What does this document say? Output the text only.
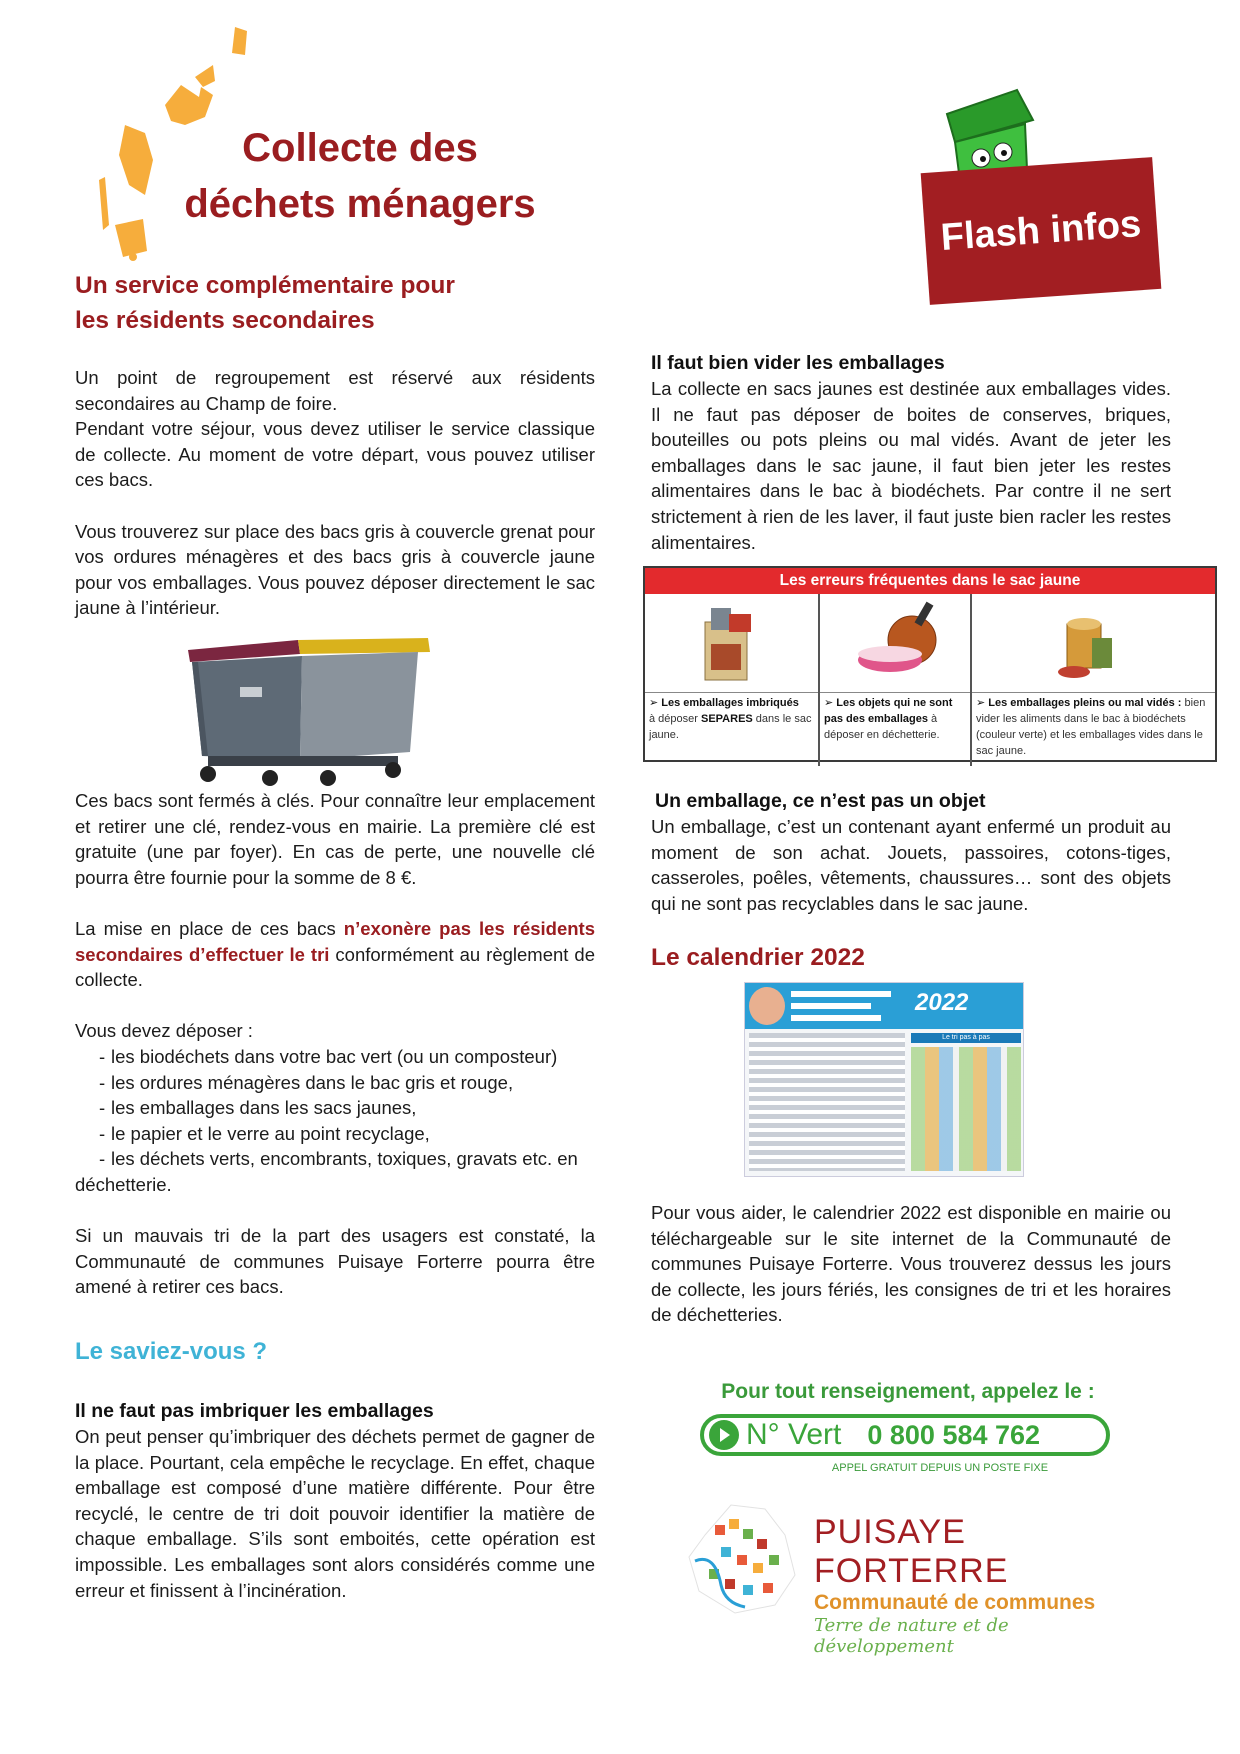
Collecte des
déchets ménagers	Flash infos
Un service complémentaire pour
les résidents secondaires
Un point de regroupement est réservé aux résidents secondaires au Champ de foire.
Pendant votre séjour, vous devez utiliser le service classique de collecte. Au moment de votre départ, vous pouvez utiliser ces bacs.
Vous trouverez sur place des bacs gris à couvercle grenat pour vos ordures ménagères et des bacs gris à couvercle jaune pour vos emballages. Vous pouvez déposer directement le sac jaune à l’intérieur.
Ces bacs sont fermés à clés. Pour connaître leur emplacement et retirer une clé, rendez-vous en mairie. La première clé est gratuite (une par foyer). En cas de perte, une nouvelle clé pourra être fournie pour la somme de 8 €.
La mise en place de ces bacs n’exonère pas les résidents secondaires d’effectuer le tri conformément au règlement de collecte.
Vous devez déposer :
- les biodéchets dans votre bac vert (ou un composteur)
- les ordures ménagères dans le bac gris et rouge,
- les emballages dans les sacs jaunes,
- le papier et le verre au point recyclage,
- les déchets verts, encombrants, toxiques, gravats etc. en
déchetterie.
Si un mauvais tri de la part des usagers est constaté, la Communauté de communes Puisaye Forterre pourra être amené à retirer ces bacs.
Le saviez-vous ?
Il ne faut pas imbriquer les emballages
On peut penser qu’imbriquer des déchets permet de gagner de la place. Pourtant, cela empêche le recyclage. En effet, chaque emballage est composé d’une matière différente. Pour être recyclé, le centre de tri doit pouvoir identifier la matière de chaque emballage. S’ils sont emboités, cette opération est impossible. Les emballages sont alors considérés comme une erreur et finissent à l’incinération.
Il faut bien vider les emballages
La collecte en sacs jaunes est destinée aux emballages vides. Il ne faut pas déposer de boites de conserves, briques, bouteilles ou pots pleins ou mal vidés. Avant de jeter les emballages dans le sac jaune, il faut bien jeter les restes alimentaires dans le bac à biodéchets. Par contre il ne sert strictement à rien de les laver, il faut juste bien racler les restes alimentaires.
Les erreurs fréquentes dans le sac jaune
➢ Les emballages imbriqués
à déposer SEPARES dans le sac jaune.
➢ Les objets qui ne sont pas des emballages à déposer en déchetterie.
➢ Les emballages pleins ou mal vidés : bien vider les aliments dans le bac à biodéchets (couleur verte) et les emballages vides dans le sac jaune.
Un emballage, ce n’est pas un objet
Un emballage, c’est un contenant ayant enfermé un produit au moment de son achat. Jouets, passoires, cotons-tiges, casseroles, poêles, vêtements, chaussures… sont des objets qui ne sont pas recyclables dans le sac jaune.
Le calendrier 2022
2022
Le tri pas à pas
Pour vous aider, le calendrier 2022 est disponible en mairie ou téléchargeable sur le site internet de la Communauté de communes Puisaye Forterre. Vous trouverez dessus les jours de collecte, les jours fériés, les consignes de tri et les horaires de déchetteries.
Pour tout renseignement, appelez le :
N° Vert 0 800 584 762
APPEL GRATUIT DEPUIS UN POSTE FIXE
PUISAYE FORTERRE
Communauté de communes
Terre de nature et de développement
